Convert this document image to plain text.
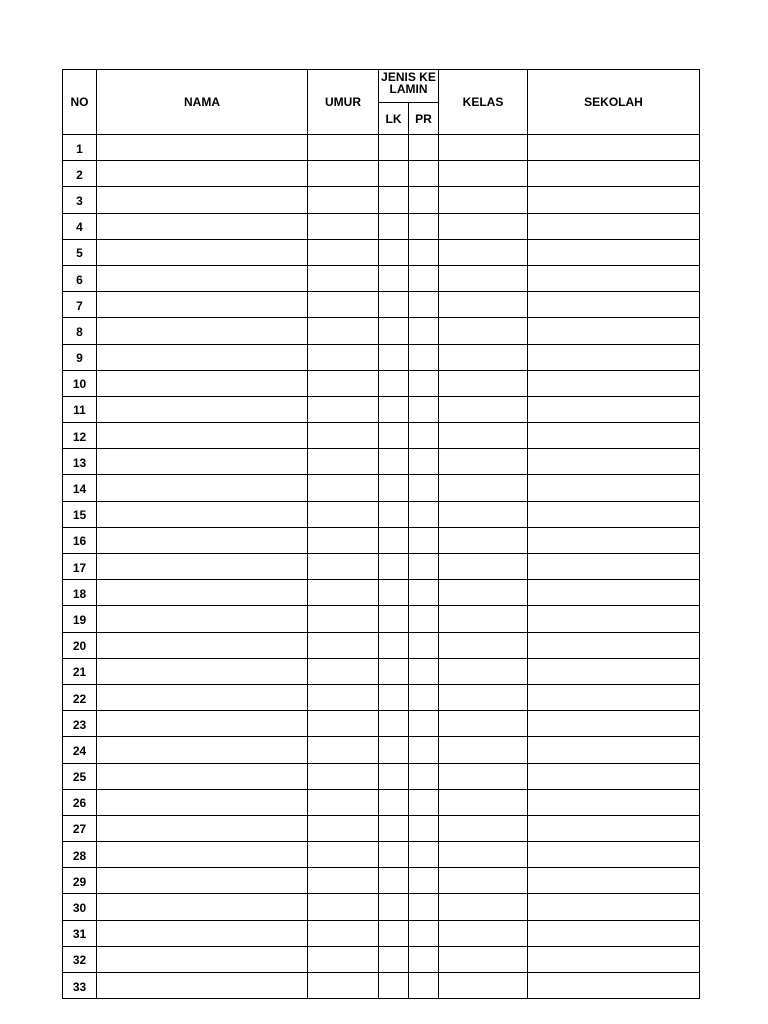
NO	NAMA	UMUR	JENIS KELAMIN		KELAS	SEKOLAH
			LK	PR		
1						
2						
3						
4						
5						
6						
7						
8						
9						
10						
11						
12						
13						
14						
15						
16						
17						
18						
19						
20						
21						
22						
23						
24						
25						
26						
27						
28						
29						
30						
31						
32						
33						
